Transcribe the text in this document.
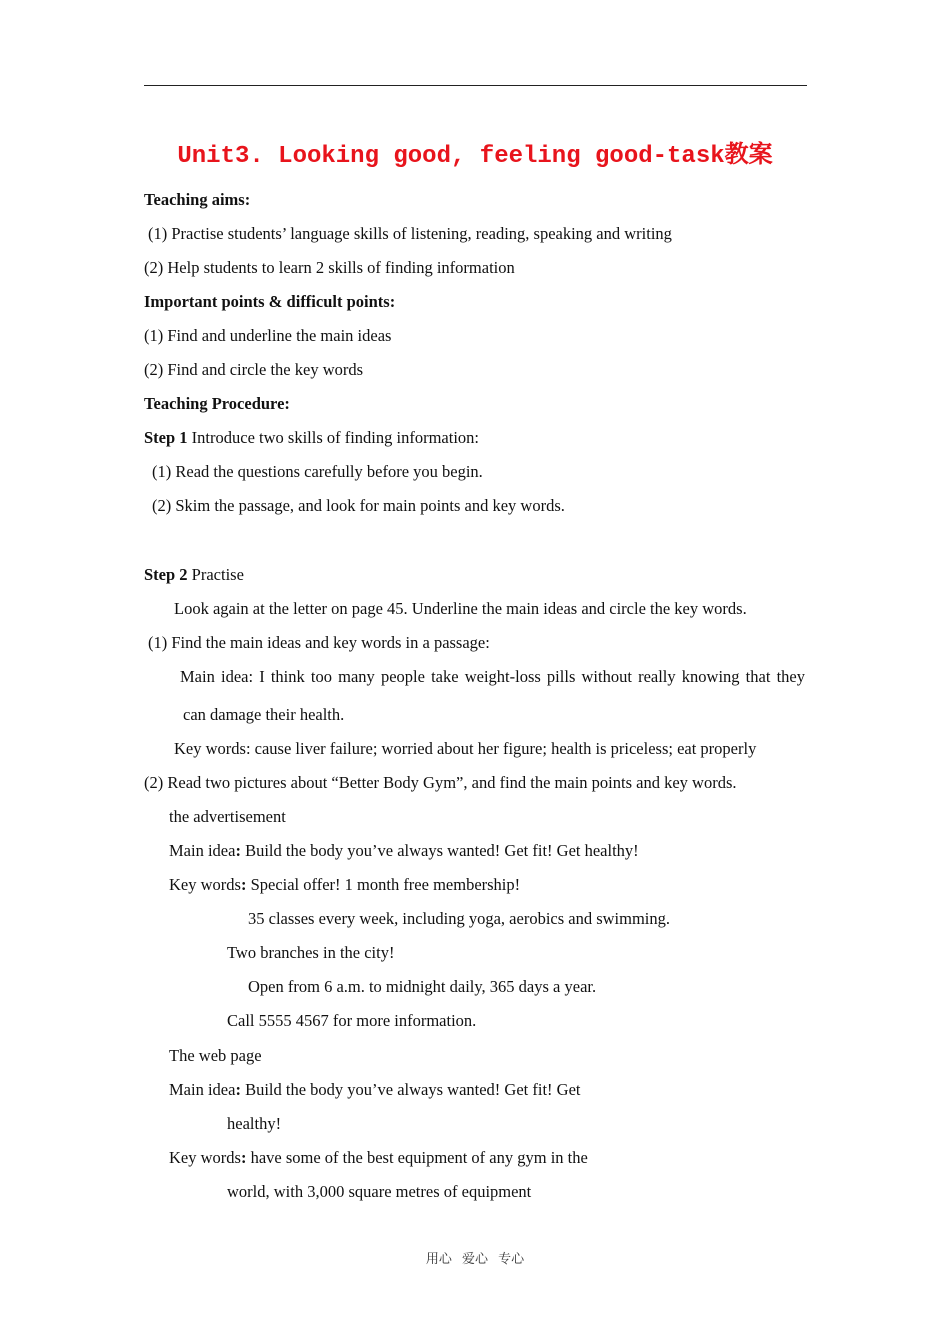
Unit3. Looking good, feeling good-task教案
Teaching aims:
(1) Practise students’ language skills of listening, reading, speaking and writing
(2) Help students to learn 2 skills of finding information
Important points & difficult points:
(1) Find and underline the main ideas
(2) Find and circle the key words
Teaching Procedure:
Step 1 Introduce two skills of finding information:
(1) Read the questions carefully before you begin.
(2) Skim the passage, and look for main points and key words.
Step 2 Practise
Look again at the letter on page 45. Underline the main ideas and circle the key words.
(1) Find the main ideas and key words in a passage:
Main idea: I think too many people take weight-loss pills without really knowing that they
can damage their health.
Key words: cause liver failure; worried about her figure; health is priceless; eat properly
(2) Read two pictures about “Better Body Gym”, and find the main points and key words.
the advertisement
Main idea: Build the body you’ve always wanted! Get fit! Get healthy!
Key words: Special offer! 1 month free membership!
35 classes every week, including yoga, aerobics and swimming.
Two branches in the city!
Open from 6 a.m. to midnight daily, 365 days a year.
Call 5555 4567 for more information.
The web page
Main idea: Build the body you’ve always wanted! Get fit! Get
healthy!
Key words: have some of the best equipment of any gym in the
world, with 3,000 square metres of equipment
用心 爱心 专心
